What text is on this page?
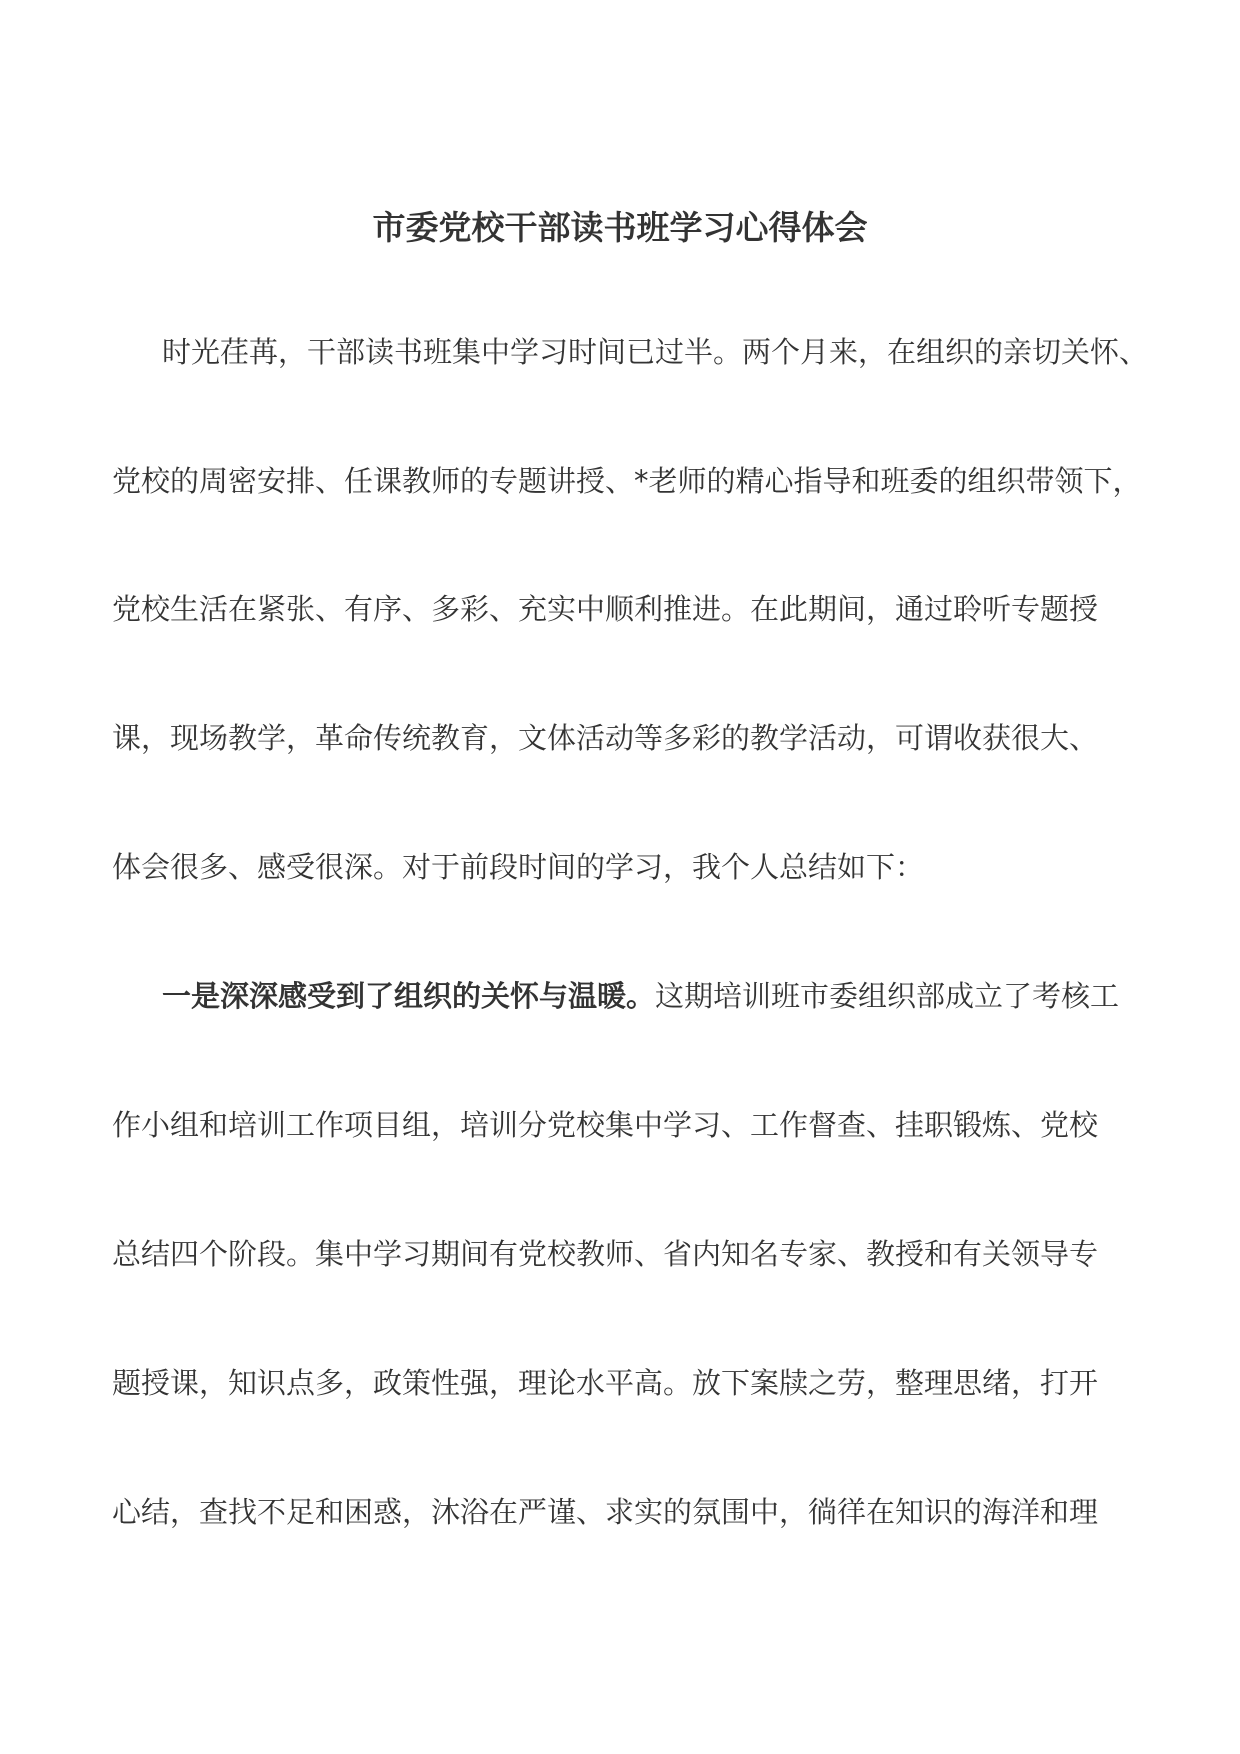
市委党校干部读书班学习心得体会

时光荏苒，干部读书班集中学习时间已过半。两个月来，在组织的亲切关怀、

党校的周密安排、任课教师的专题讲授、*老师的精心指导和班委的组织带领下，

党校生活在紧张、有序、多彩、充实中顺利推进。在此期间，通过聆听专题授

课，现场教学，革命传统教育，文体活动等多彩的教学活动，可谓收获很大、

体会很多、感受很深。对于前段时间的学习，我个人总结如下：

一是深深感受到了组织的关怀与温暖。这期培训班市委组织部成立了考核工

作小组和培训工作项目组，培训分党校集中学习、工作督查、挂职锻炼、党校

总结四个阶段。集中学习期间有党校教师、省内知名专家、教授和有关领导专

题授课，知识点多，政策性强，理论水平高。放下案牍之劳，整理思绪，打开

心结，查找不足和困惑，沐浴在严谨、求实的氛围中，徜徉在知识的海洋和理
